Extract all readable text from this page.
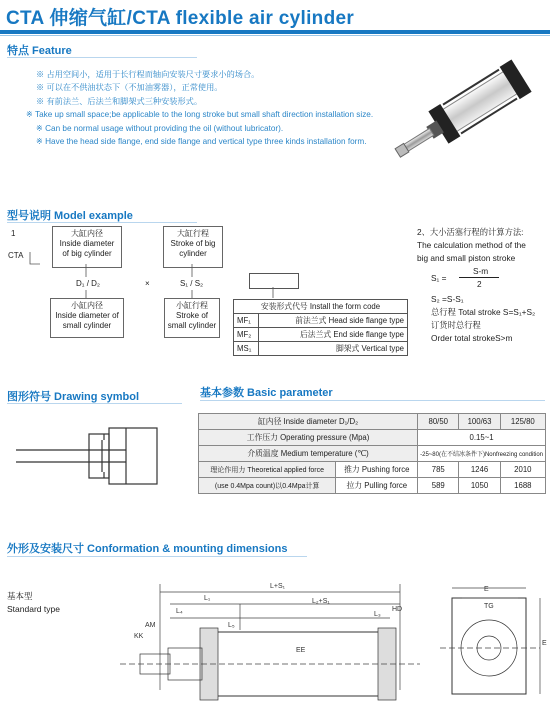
CTA 伸缩气缸/CTA flexible air cylinder
特点 Feature

※ 占用空间小，适用于长行程而轴向安装尺寸要求小的场合。

※ 可以在不供油状态下（不加油雾器），正常使用。

※ 有前法兰、后法兰和脚架式三种安装形式。

※ Take up small space;be applicable to the long stroke but small shaft direction installation size.

※ Can be normal usage without providing the oil (without lubricator).

※ Have the head side flange, end side flange and vertical type three kinds installation form.

型号说明 Model example
1
CTA
大缸内径
Inside diameter
of big cylinder
大缸行程
Stroke of big
cylinder
D₁ / D₂	×	S₁ / S₂
小缸内径
Inside diameter of
small cylinder
小缸行程
Stroke of
small cylinder
安装形式代号 Install the form code	
MF₁	前法兰式 Head side flange type
MF₂	后法兰式 End side flange type
MS₁	脚架式 Vertical type
2、大小活塞行程的计算方法:
The calculation method of the
big and small piston stroke
S₁ =
S-m
2
S₂ =S-S₁
总行程 Total stroke S=S₁+S₂
订货时总行程
Order total strokeS>m
图形符号 Drawing symbol	基本参数 Basic parameter
缸内径 Inside diameter D₁/D₂		80/50	100/63	125/80
工作压力 Operating pressure (Mpa)		0.15~1		
介质温度 Medium temperature (℃)		-25~80(在不结冰条件下)Nonfreezing condition		
理论作用力 Theoretical applied force	推力 Pushing force	785	1246	2010
(use 0.4Mpa count)以0.4Mpa计算	拉力 Pulling force	589	1050	1688
外形及安装尺寸 Conformation & mounting dimensions
基本型
Standard type
L+S₁
L₁	L₂+S₁
L₄	L₃
L₅
HD
EE
KK
AM
TG
E
E
